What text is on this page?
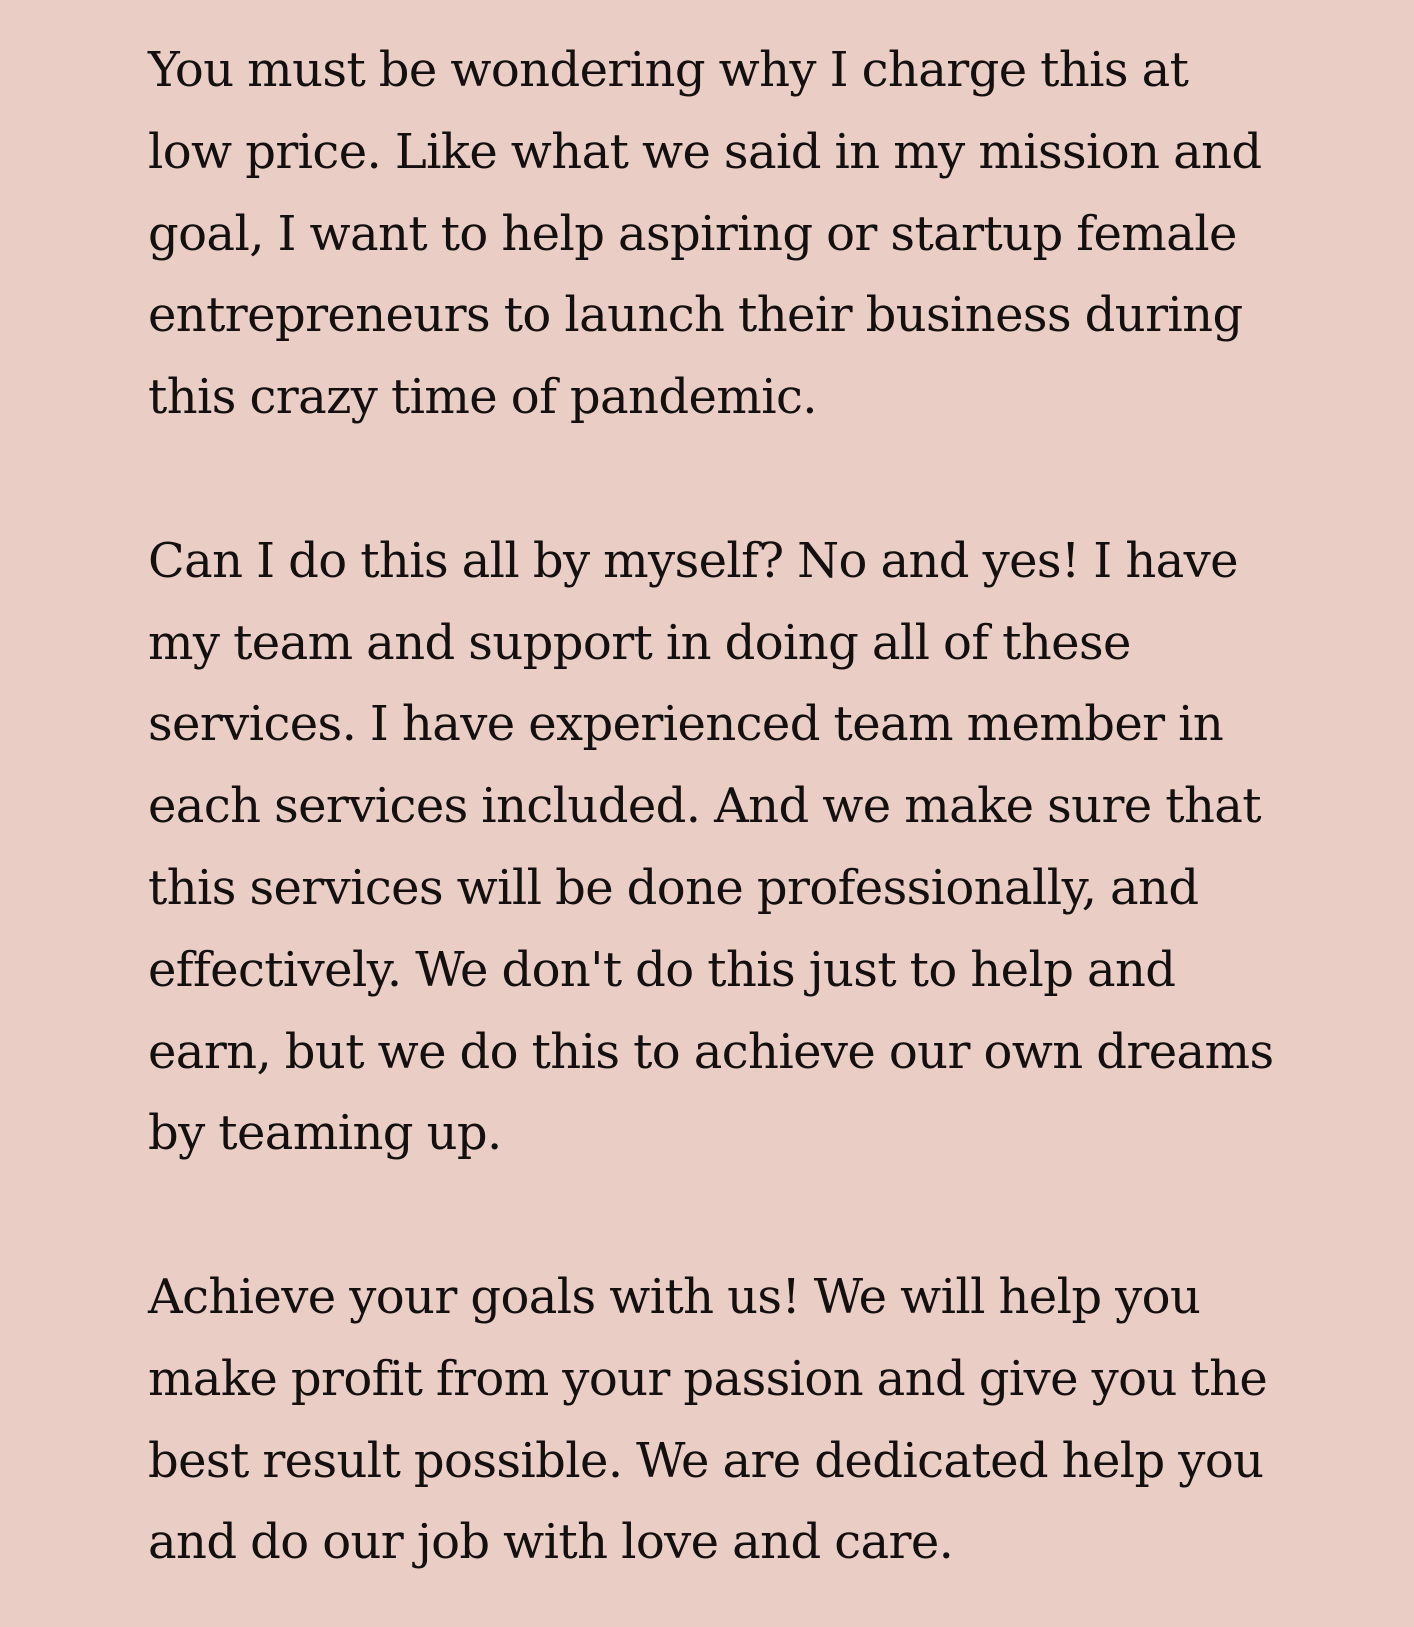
You must be wondering why I charge this at
low price. Like what we said in my mission and
goal, I want to help aspiring or startup female
entrepreneurs to launch their business during
this crazy time of pandemic.

Can I do this all by myself? No and yes! I have
my team and support in doing all of these
services. I have experienced team member in
each services included. And we make sure that
this services will be done professionally, and
effectively. We don't do this just to help and
earn, but we do this to achieve our own dreams
by teaming up.

Achieve your goals with us! We will help you
make profit from your passion and give you the
best result possible. We are dedicated help you
and do our job with love and care.
